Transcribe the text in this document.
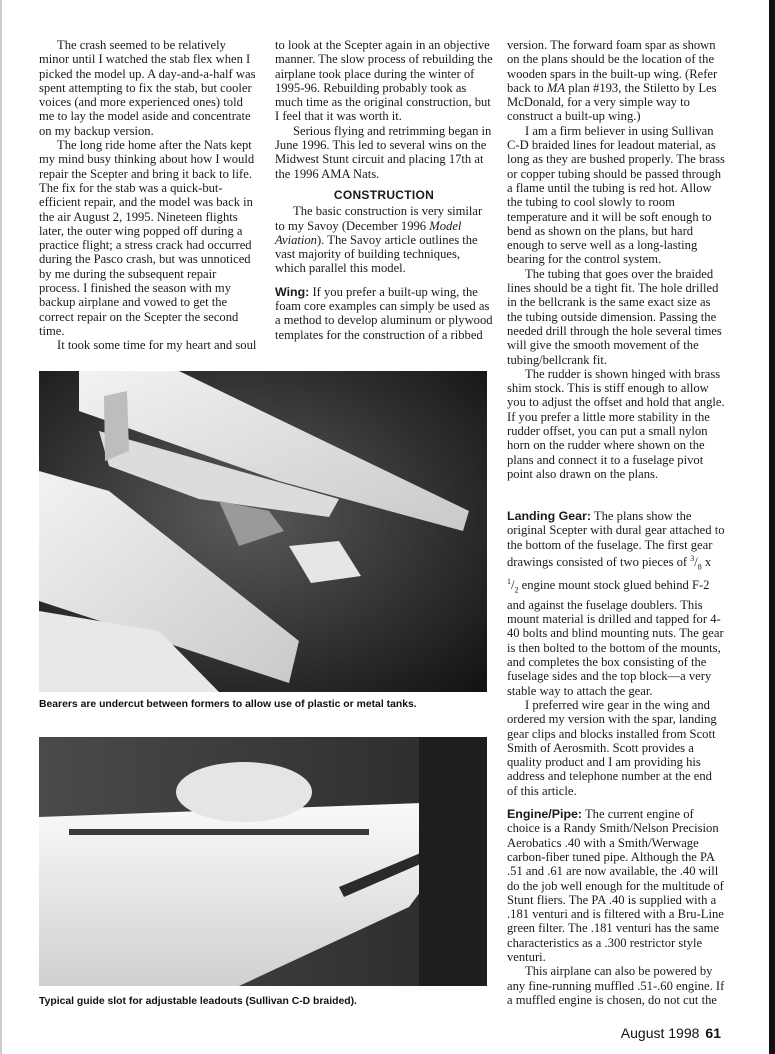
The crash seemed to be relatively minor until I watched the stab flex when I picked the model up. A day-and-a-half was spent attempting to fix the stab, but cooler voices (and more experienced ones) told me to lay the model aside and concentrate on my backup version.

The long ride home after the Nats kept my mind busy thinking about how I would repair the Scepter and bring it back to life. The fix for the stab was a quick-but-efficient repair, and the model was back in the air August 2, 1995. Nineteen flights later, the outer wing popped off during a practice flight; a stress crack had occurred during the Pasco crash, but was unnoticed by me during the subsequent repair process. I finished the season with my backup airplane and vowed to get the correct repair on the Scepter the second time.

It took some time for my heart and soul

to look at the Scepter again in an objective manner. The slow process of rebuilding the airplane took place during the winter of 1995-96. Rebuilding probably took as much time as the original construction, but I feel that it was worth it.

Serious flying and retrimming began in June 1996. This led to several wins on the Midwest Stunt circuit and placing 17th at the 1996 AMA Nats.

CONSTRUCTION

The basic construction is very similar to my Savoy (December 1996 Model Aviation). The Savoy article outlines the vast majority of building techniques, which parallel this model.

Wing: If you prefer a built-up wing, the foam core examples can simply be used as a method to develop aluminum or plywood templates for the construction of a ribbed

version. The forward foam spar as shown on the plans should be the location of the wooden spars in the built-up wing. (Refer back to MA plan #193, the Stiletto by Les McDonald, for a very simple way to construct a built-up wing.)

I am a firm believer in using Sullivan C-D braided lines for leadout material, as long as they are bushed properly. The brass or copper tubing should be passed through a flame until the tubing is red hot. Allow the tubing to cool slowly to room temperature and it will be soft enough to bend as shown on the plans, but hard enough to serve well as a long-lasting bearing for the control system.

The tubing that goes over the braided lines should be a tight fit. The hole drilled in the bellcrank is the same exact size as the tubing outside dimension. Passing the needed drill through the hole several times will give the smooth movement of the tubing/bellcrank fit.

The rudder is shown hinged with brass shim stock. This is stiff enough to allow you to adjust the offset and hold that angle. If you prefer a little more stability in the rudder offset, you can put a small nylon horn on the rudder where shown on the plans and connect it to a fuselage pivot point also drawn on the plans.

Landing Gear: The plans show the original Scepter with dural gear attached to the bottom of the fuselage. The first gear drawings consisted of two pieces of $^3/_8$ x $^1/_2$ engine mount stock glued behind F-2 and against the fuselage doublers. This mount material is drilled and tapped for 4-40 bolts and blind mounting nuts. The gear is then bolted to the bottom of the mounts, and completes the box consisting of the fuselage sides and the top block—a very stable way to attach the gear.

I preferred wire gear in the wing and ordered my version with the spar, landing gear clips and blocks installed from Scott Smith of Aerosmith. Scott provides a quality product and I am providing his address and telephone number at the end of this article.

Engine/Pipe: The current engine of choice is a Randy Smith/Nelson Precision Aerobatics .40 with a Smith/Werwage carbon-fiber tuned pipe. Although the PA .51 and .61 are now available, the .40 will do the job well enough for the multitude of Stunt fliers. The PA .40 is supplied with a .181 venturi and is filtered with a Bru-Line green filter. The .181 venturi has the same characteristics as a .300 restrictor style venturi.

This airplane can also be powered by any fine-running muffled .51-.60 engine. If a muffled engine is chosen, do not cut the

Bearers are undercut between formers to allow use of plastic or metal tanks.
Typical guide slot for adjustable leadouts (Sullivan C-D braided).
August 1998 61
